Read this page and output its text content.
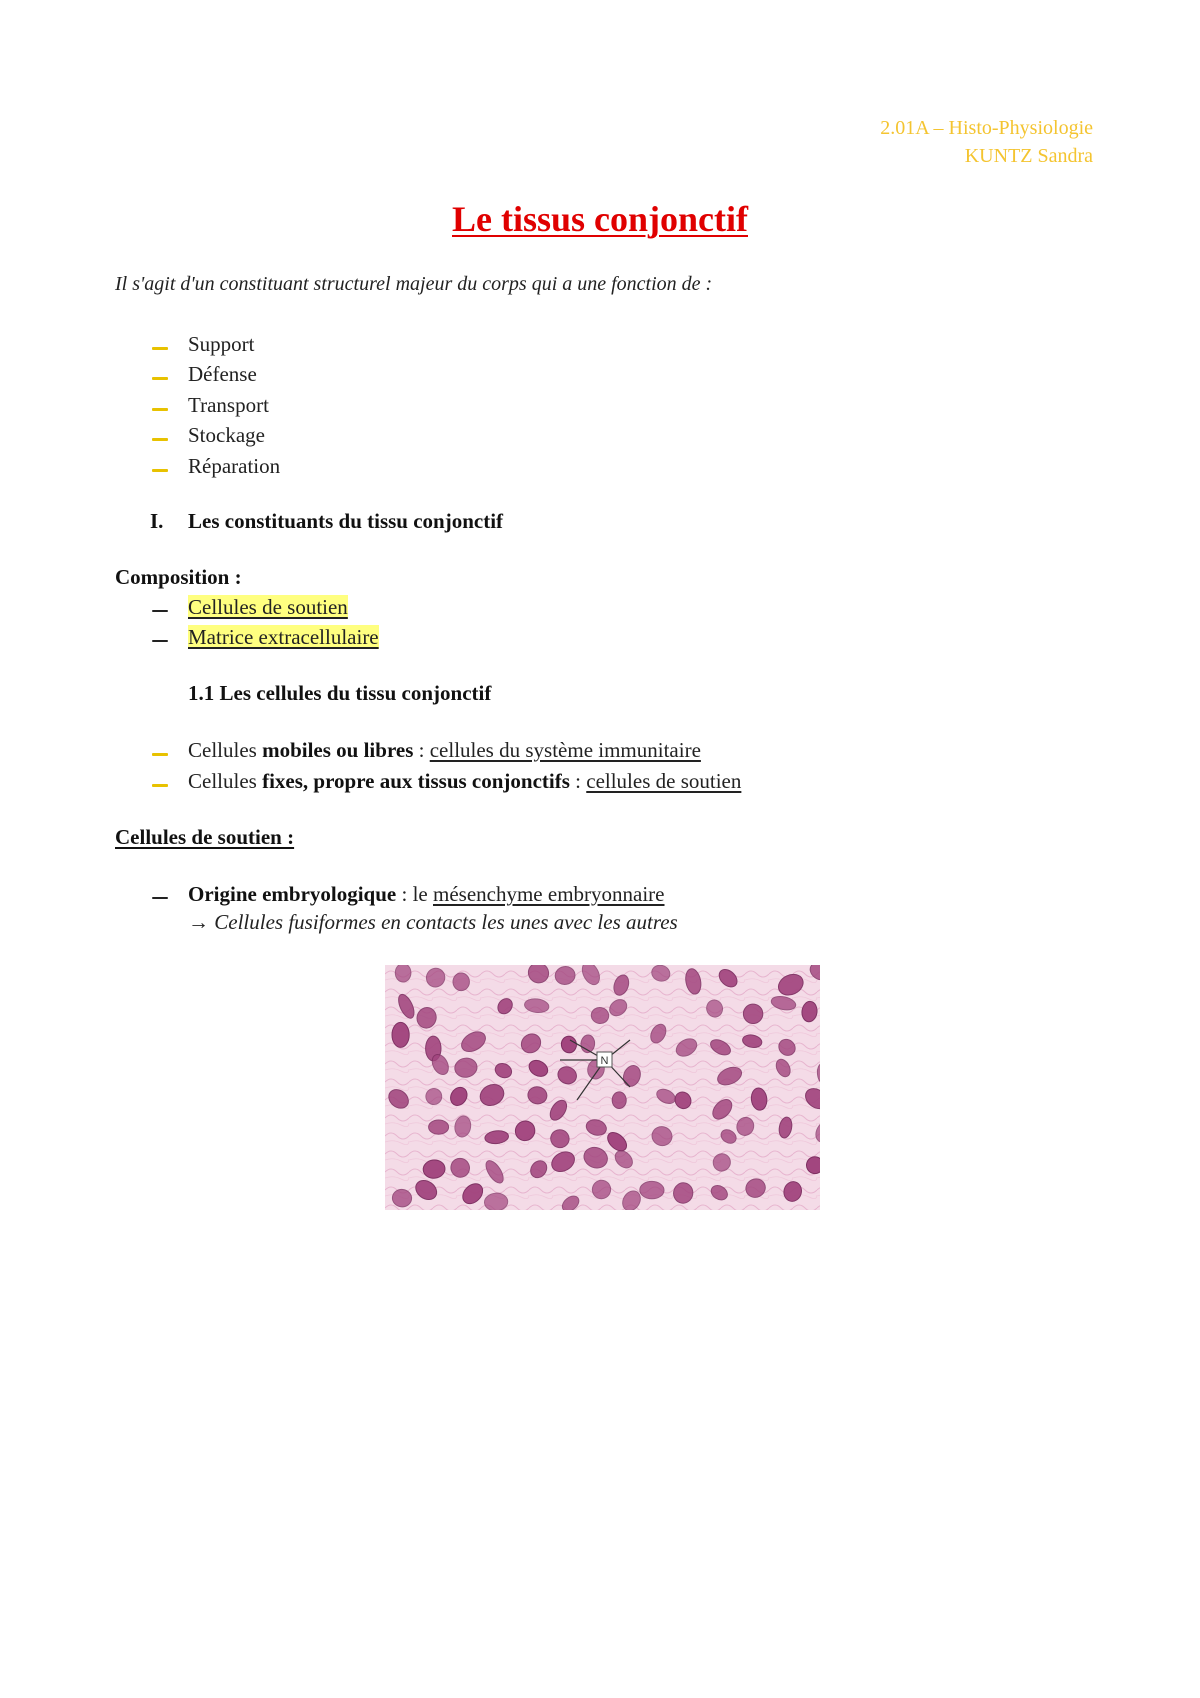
2.01A – Histo-Physiologie
KUNTZ Sandra
Le tissus conjonctif
Il s'agit d'un constituant structurel majeur du corps qui a une fonction de :
Support
Défense
Transport
Stockage
Réparation
I. Les constituants du tissu conjonctif
Composition :
Cellules de soutien
Matrice extracellulaire
1.1 Les cellules du tissu conjonctif
Cellules mobiles ou libres : cellules du système immunitaire
Cellules fixes, propre aux tissus conjonctifs : cellules de soutien
Cellules de soutien :
Origine embryologique : le mésenchyme embryonnaire
→ Cellules fusiformes en contacts les unes avec les autres
N
